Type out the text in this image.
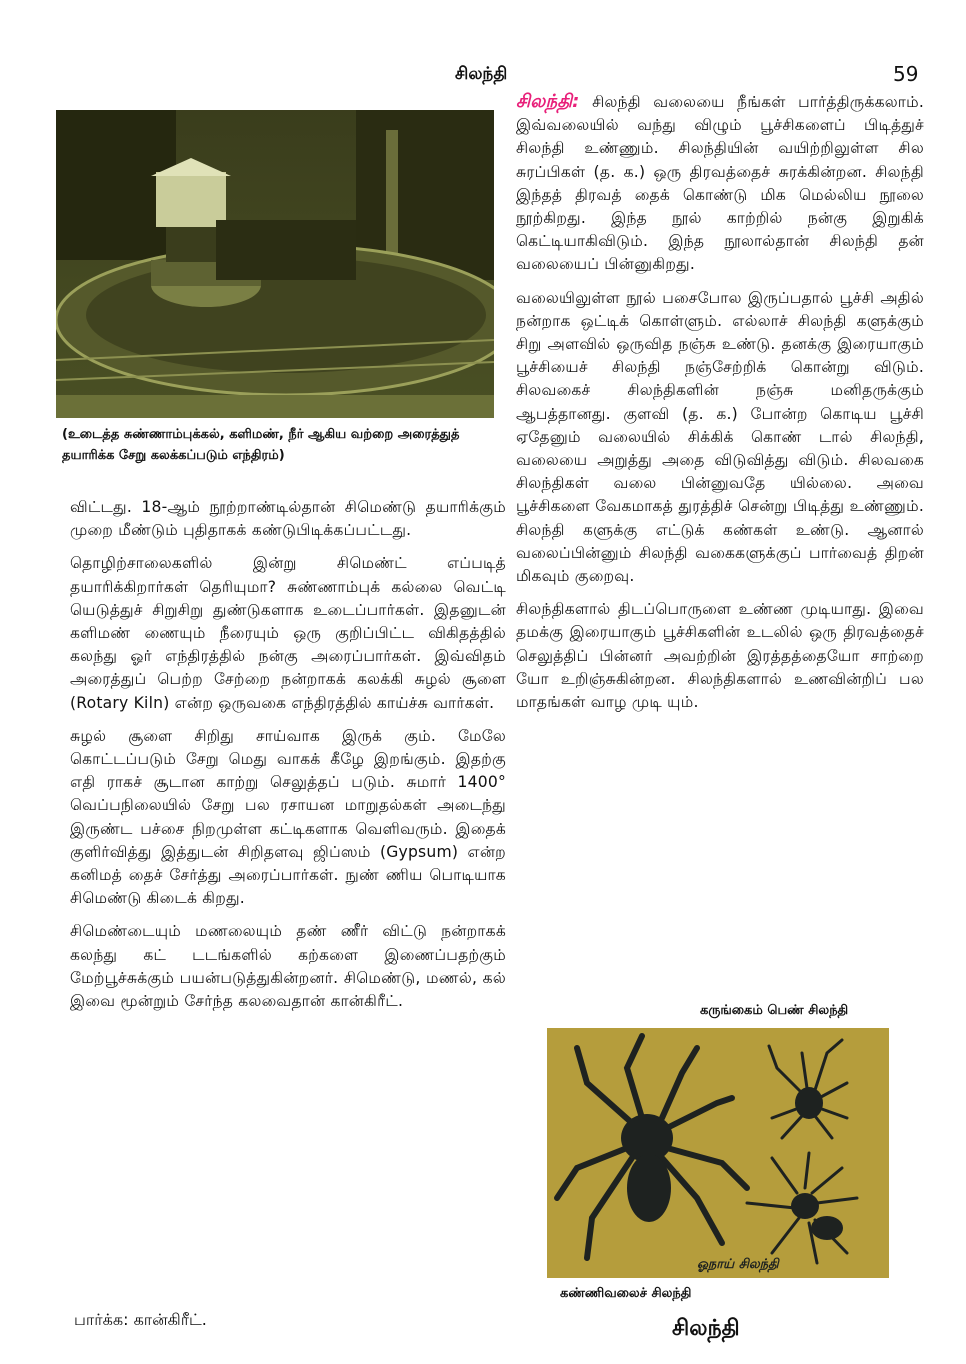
சிலந்தி	59
(உடைத்த சுண்ணாம்புக்கல், களிமண், நீர் ஆகிய வற்றை அரைத்துத் தயாரிக்க சேறு கலக்கப்படும் எந்திரம்)

விட்டது. 18-ஆம் நூற்றாண்டில்தான் சிமெண்டு தயாரிக்கும் முறை மீண்டும் புதிதாகக் கண்டுபிடிக்கப்பட்டது.

தொழிற்சாலைகளில் இன்று சிமெண்ட் எப்படித் தயாரிக்கிறார்கள் தெரியுமா? சுண்ணாம்புக் கல்லை வெட்டி யெடுத்துச் சிறுசிறு துண்டுகளாக உடைப்பார்கள். இதனுடன் களிமண் ணையும் நீரையும் ஒரு குறிப்பிட்ட விகிதத்தில் கலந்து ஓர் எந்திரத்தில் நன்கு அரைப்பார்கள். இவ்விதம் அரைத்துப் பெற்ற சேற்றை நன்றாகக் கலக்கி சுழல் சூளை (Rotary Kiln) என்ற ஒருவகை எந்திரத்தில் காய்ச்சு வார்கள்.

சுழல் சூளை சிறிது சாய்வாக இருக் கும். மேலே கொட்டப்படும் சேறு மெது வாகக் கீழே இறங்கும். இதற்கு எதி ராகச் சூடான காற்று செலுத்தப் படும். சுமார் 1400° வெப்பநிலையில் சேறு பல ரசாயன மாறுதல்கள் அடைந்து இருண்ட பச்சை நிறமுள்ள கட்டிகளாக வெளிவரும். இதைக் குளிர்வித்து இத்துடன் சிறிதளவு ஜிப்ஸம் (Gypsum) என்ற கனிமத் தைச் சேர்த்து அரைப்பார்கள். நுண் ணிய பொடியாக சிமெண்டு கிடைக் கிறது.

சிமெண்டையும் மணலையும் தண் ணீர் விட்டு நன்றாகக் கலந்து கட் டடங்களில் கற்களை இணைப்பதற்கும் மேற்பூச்சுக்கும் பயன்படுத்துகின்றனர். சிமெண்டு, மணல், கல் இவை மூன்றும் சேர்ந்த கலவைதான் கான்கிரீட்.

பார்க்க: கான்கிரீட்.

சிலந்தி: சிலந்தி வலையை நீங்கள் பார்த்திருக்கலாம். இவ்வலையில் வந்து விழும் பூச்சிகளைப் பிடித்துச் சிலந்தி உண்ணும். சிலந்தியின் வயிற்றிலுள்ள சில சுரப்பிகள் (த. க.) ஒரு திரவத்தைச் சுரக்கின்றன. சிலந்தி இந்தத் திரவத் தைக் கொண்டு மிக மெல்லிய நூலை நூற்கிறது. இந்த நூல் காற்றில் நன்கு இறுகிக் கெட்டியாகிவிடும். இந்த நூலால்தான் சிலந்தி தன் வலையைப் பின்னுகிறது.

வலையிலுள்ள நூல் பசைபோல இருப்பதால் பூச்சி அதில் நன்றாக ஒட்டிக் கொள்ளும். எல்லாச் சிலந்தி களுக்கும் சிறு அளவில் ஒருவித நஞ்சு உண்டு. தனக்கு இரையாகும் பூச்சியைச் சிலந்தி நஞ்சேற்றிக் கொன்று விடும். சிலவகைச் சிலந்திகளின் நஞ்சு மனிதருக்கும் ஆபத்தானது. குளவி (த. க.) போன்ற கொடிய பூச்சி ஏதேனும் வலையில் சிக்கிக் கொண் டால் சிலந்தி, வலையை அறுத்து அதை விடுவித்து விடும். சிலவகை சிலந்திகள் வலை பின்னுவதே யில்லை. அவை பூச்சிகளை வேகமாகத் துரத்திச் சென்று பிடித்து உண்ணும். சிலந்தி களுக்கு எட்டுக் கண்கள் உண்டு. ஆனால் வலைப்பின்னும் சிலந்தி வகைகளுக்குப் பார்வைத் திறன் மிகவும் குறைவு.

சிலந்திகளால் திடப்பொருளை உண்ண முடியாது. இவை தமக்கு இரையாகும் பூச்சிகளின் உடலில் ஒரு திரவத்தைச் செலுத்திப் பின்னர் அவற்றின் இரத்தத்தையோ சாற்றை யோ உறிஞ்சுகின்றன. சிலந்திகளால் உணவின்றிப் பல மாதங்கள் வாழ முடி யும்.

கருங்கைம் பெண் சிலந்தி
ஓநாய் சிலந்தி
கண்ணிவலைச் சிலந்தி
சிலந்தி
